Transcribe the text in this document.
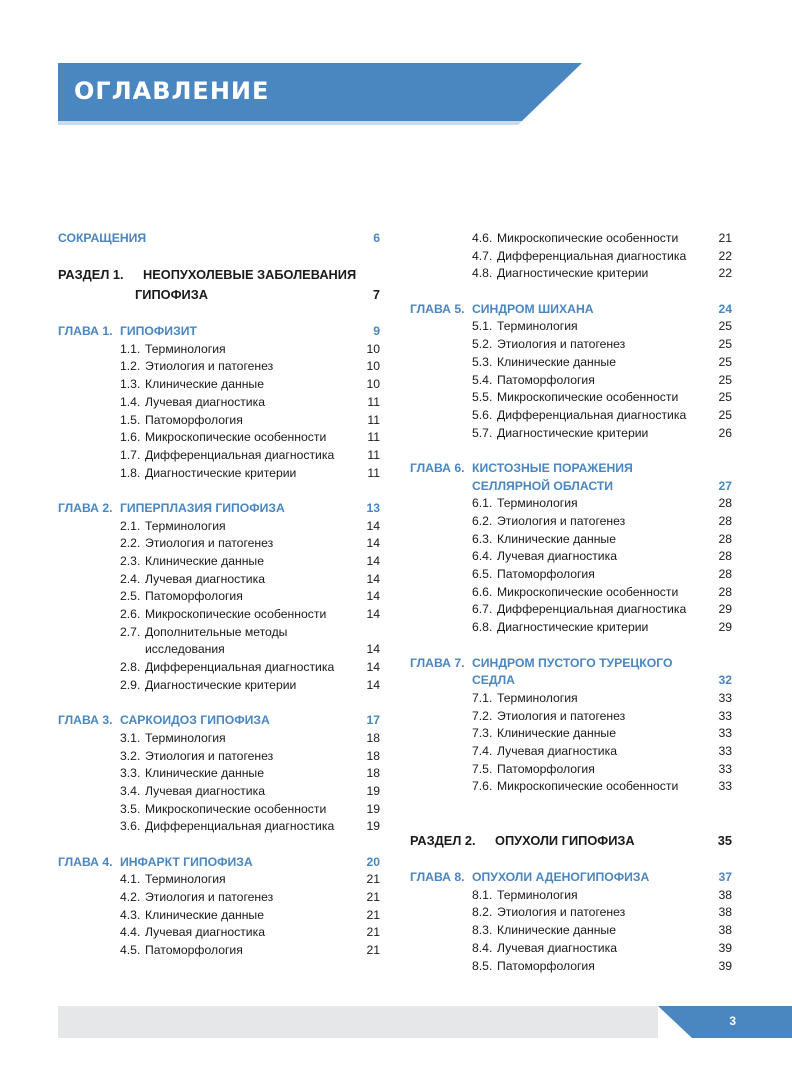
ОГЛАВЛЕНИЕ
СОКРАЩЕНИЯ	6
РАЗДЕЛ 1. НЕОПУХОЛЕВЫЕ ЗАБОЛЕВАНИЯ
ГИПОФИЗА	7
ГЛАВА 1. ГИПОФИЗИТ	9
1.1. Терминология	10
1.2. Этиология и патогенез	10
1.3. Клинические данные	10
1.4. Лучевая диагностика	11
1.5. Патоморфология	11
1.6. Микроскопические особенности	11
1.7. Дифференциальная диагностика	11
1.8. Диагностические критерии	11
ГЛАВА 2. ГИПЕРПЛАЗИЯ ГИПОФИЗА	13
2.1. Терминология	14
2.2. Этиология и патогенез	14
2.3. Клинические данные	14
2.4. Лучевая диагностика	14
2.5. Патоморфология	14
2.6. Микроскопические особенности	14
2.7. Дополнительные методы
исследования	14
2.8. Дифференциальная диагностика	14
2.9. Диагностические критерии	14
ГЛАВА 3. САРКОИДОЗ ГИПОФИЗА	17
3.1. Терминология	18
3.2. Этиология и патогенез	18
3.3. Клинические данные	18
3.4. Лучевая диагностика	19
3.5. Микроскопические особенности	19
3.6. Дифференциальная диагностика	19
ГЛАВА 4. ИНФАРКТ ГИПОФИЗА	20
4.1. Терминология	21
4.2. Этиология и патогенез	21
4.3. Клинические данные	21
4.4. Лучевая диагностика	21
4.5. Патоморфология	21
4.6. Микроскопические особенности	21
4.7. Дифференциальная диагностика	22
4.8. Диагностические критерии	22
ГЛАВА 5. СИНДРОМ ШИХАНА	24
5.1. Терминология	25
5.2. Этиология и патогенез	25
5.3. Клинические данные	25
5.4. Патоморфология	25
5.5. Микроскопические особенности	25
5.6. Дифференциальная диагностика	25
5.7. Диагностические критерии	26
ГЛАВА 6. КИСТОЗНЫЕ ПОРАЖЕНИЯ
СЕЛЛЯРНОЙ ОБЛАСТИ	27
6.1. Терминология	28
6.2. Этиология и патогенез	28
6.3. Клинические данные	28
6.4. Лучевая диагностика	28
6.5. Патоморфология	28
6.6. Микроскопические особенности	28
6.7. Дифференциальная диагностика	29
6.8. Диагностические критерии	29
ГЛАВА 7. СИНДРОМ ПУСТОГО ТУРЕЦКОГО
СЕДЛА	32
7.1. Терминология	33
7.2. Этиология и патогенез	33
7.3. Клинические данные	33
7.4. Лучевая диагностика	33
7.5. Патоморфология	33
7.6. Микроскопические особенности	33
РАЗДЕЛ 2. ОПУХОЛИ ГИПОФИЗА	35
ГЛАВА 8. ОПУХОЛИ АДЕНОГИПОФИЗА	37
8.1. Терминология	38
8.2. Этиология и патогенез	38
8.3. Клинические данные	38
8.4. Лучевая диагностика	39
8.5. Патоморфология	39
3
